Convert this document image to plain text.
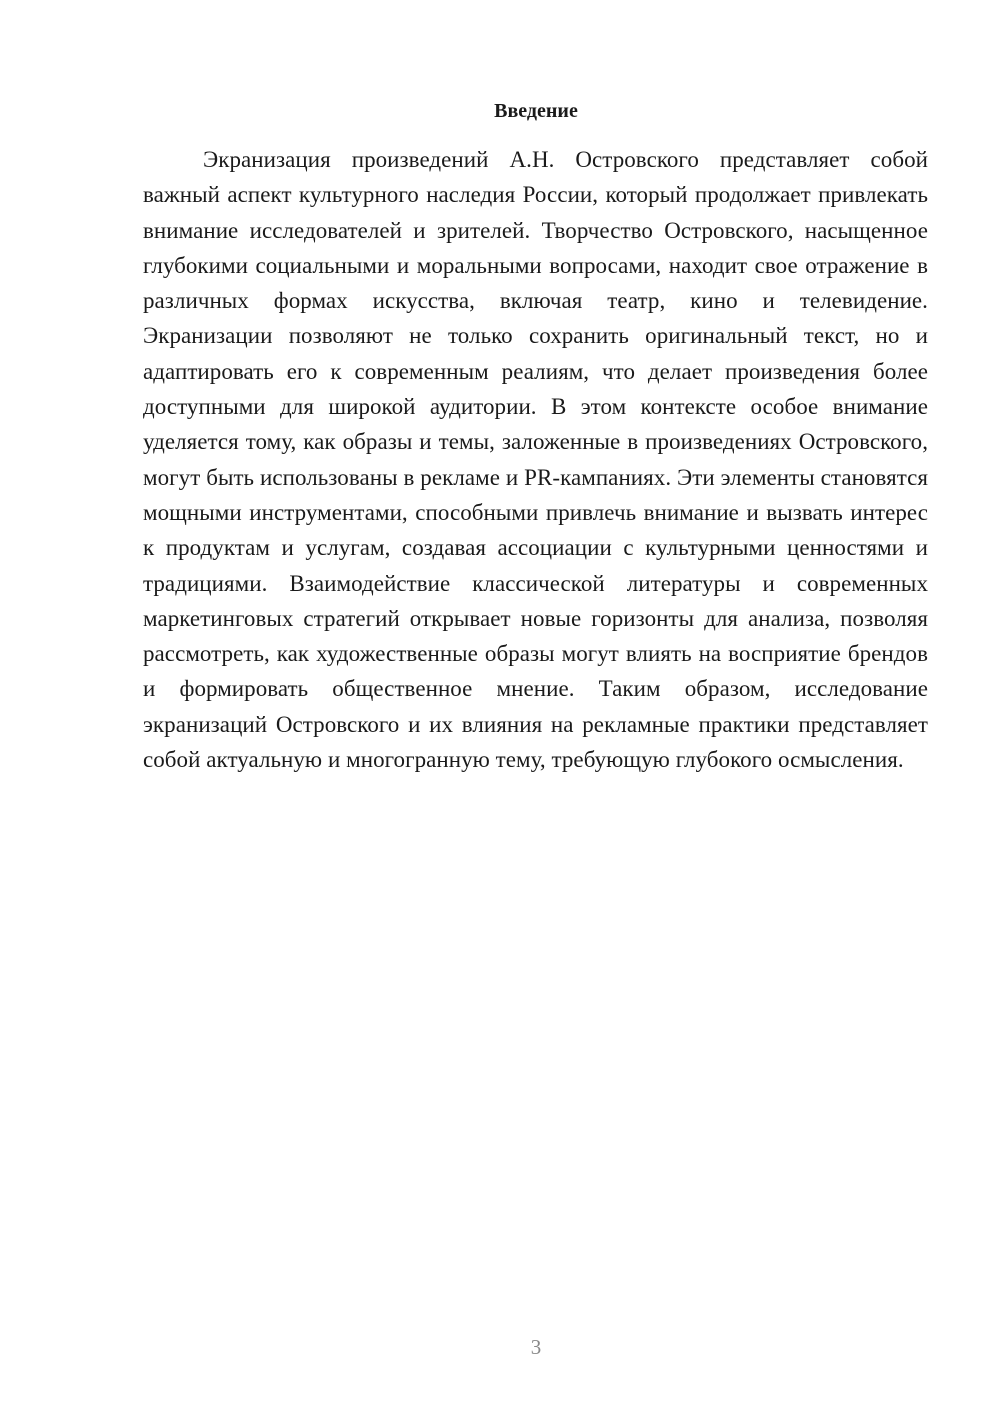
Введение

Экранизация произведений А.Н. Островского представляет собой важный аспект культурного наследия России, который продолжает привлекать внимание исследователей и зрителей. Творчество Островского, насыщенное глубокими социальными и моральными вопросами, находит свое отражение в различных формах искусства, включая театр, кино и телевидение. Экранизации позволяют не только сохранить оригинальный текст, но и адаптировать его к современным реалиям, что делает произведения более доступными для широкой аудитории. В этом контексте особое внимание уделяется тому, как образы и темы, заложенные в произведениях Островского, могут быть использованы в рекламе и PR-кампаниях. Эти элементы становятся мощными инструментами, способными привлечь внимание и вызвать интерес к продуктам и услугам, создавая ассоциации с культурными ценностями и традициями. Взаимодействие классической литературы и современных маркетинговых стратегий открывает новые горизонты для анализа, позволяя рассмотреть, как художественные образы могут влиять на восприятие брендов и формировать общественное мнение. Таким образом, исследование экранизаций Островского и их влияния на рекламные практики представляет собой актуальную и многогранную тему, требующую глубокого осмысления.

3
